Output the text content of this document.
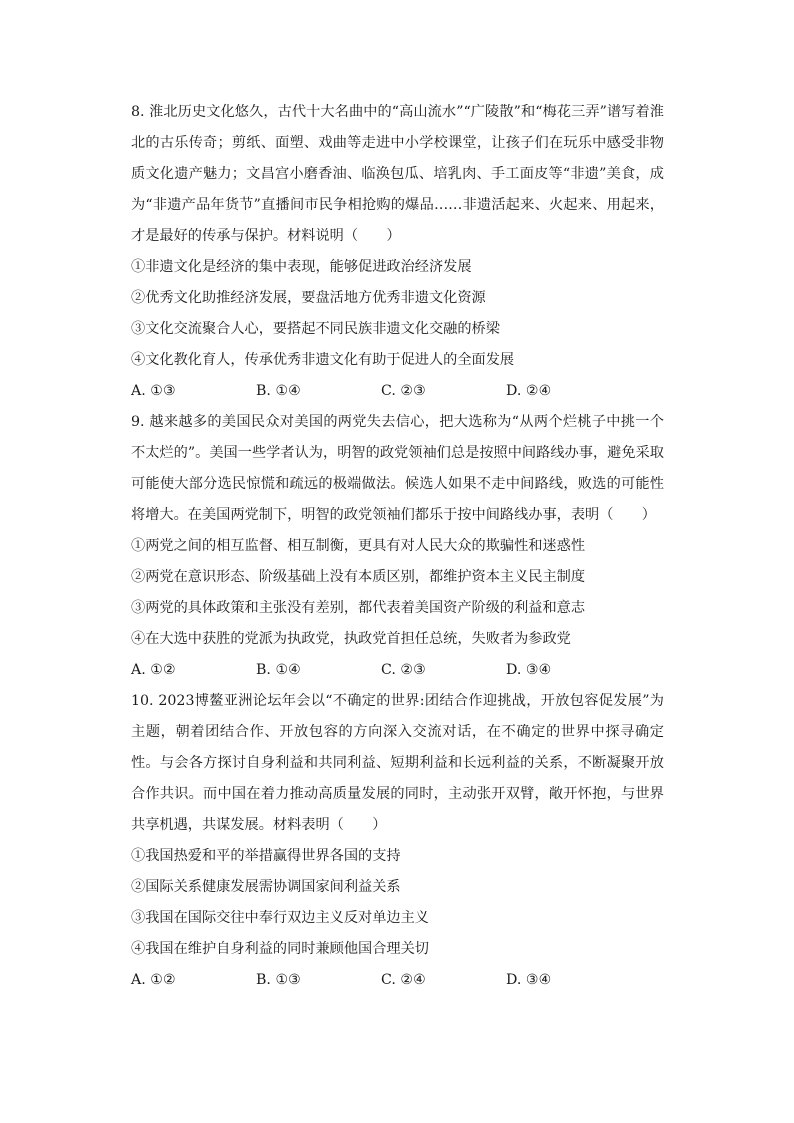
8. 淮北历史文化悠久，古代十大名曲中的“高山流水”“广陵散”和“梅花三弄”谱写着淮北的古乐传奇；剪纸、面塑、戏曲等走进中小学校课堂，让孩子们在玩乐中感受非物质文化遗产魅力；文昌宫小磨香油、临涣包瓜、培乳肉、手工面皮等“非遗”美食，成为“非遗产品年货节”直播间市民争相抢购的爆品……非遗活起来、火起来、用起来，才是最好的传承与保护。材料说明（　　）

①非遗文化是经济的集中表现，能够促进政治经济发展

②优秀文化助推经济发展，要盘活地方优秀非遗文化资源

③文化交流聚合人心，要搭起不同民族非遗文化交融的桥梁

④文化教化育人，传承优秀非遗文化有助于促进人的全面发展

A. ①③	B. ①④	C. ②③	D. ②④

9. 越来越多的美国民众对美国的两党失去信心，把大选称为“从两个烂桃子中挑一个不太烂的”。美国一些学者认为，明智的政党领袖们总是按照中间路线办事，避免采取可能使大部分选民惊慌和疏远的极端做法。候选人如果不走中间路线，败选的可能性将增大。在美国两党制下，明智的政党领袖们都乐于按中间路线办事，表明（　　）

①两党之间的相互监督、相互制衡，更具有对人民大众的欺骗性和迷惑性

②两党在意识形态、阶级基础上没有本质区别，都维护资本主义民主制度

③两党的具体政策和主张没有差别，都代表着美国资产阶级的利益和意志

④在大选中获胜的党派为执政党，执政党首担任总统，失败者为参政党

A. ①②	B. ①④	C. ②③	D. ③④

10. 2023博鳌亚洲论坛年会以“不确定的世界:团结合作迎挑战，开放包容促发展”为主题，朝着团结合作、开放包容的方向深入交流对话，在不确定的世界中探寻确定性。与会各方探讨自身利益和共同利益、短期利益和长远利益的关系，不断凝聚开放合作共识。而中国在着力推动高质量发展的同时，主动张开双臂，敞开怀抱，与世界共享机遇，共谋发展。材料表明（　　）

①我国热爱和平的举措赢得世界各国的支持

②国际关系健康发展需协调国家间利益关系

③我国在国际交往中奉行双边主义反对单边主义

④我国在维护自身利益的同时兼顾他国合理关切

A. ①②	B. ①③	C. ②④	D. ③④
